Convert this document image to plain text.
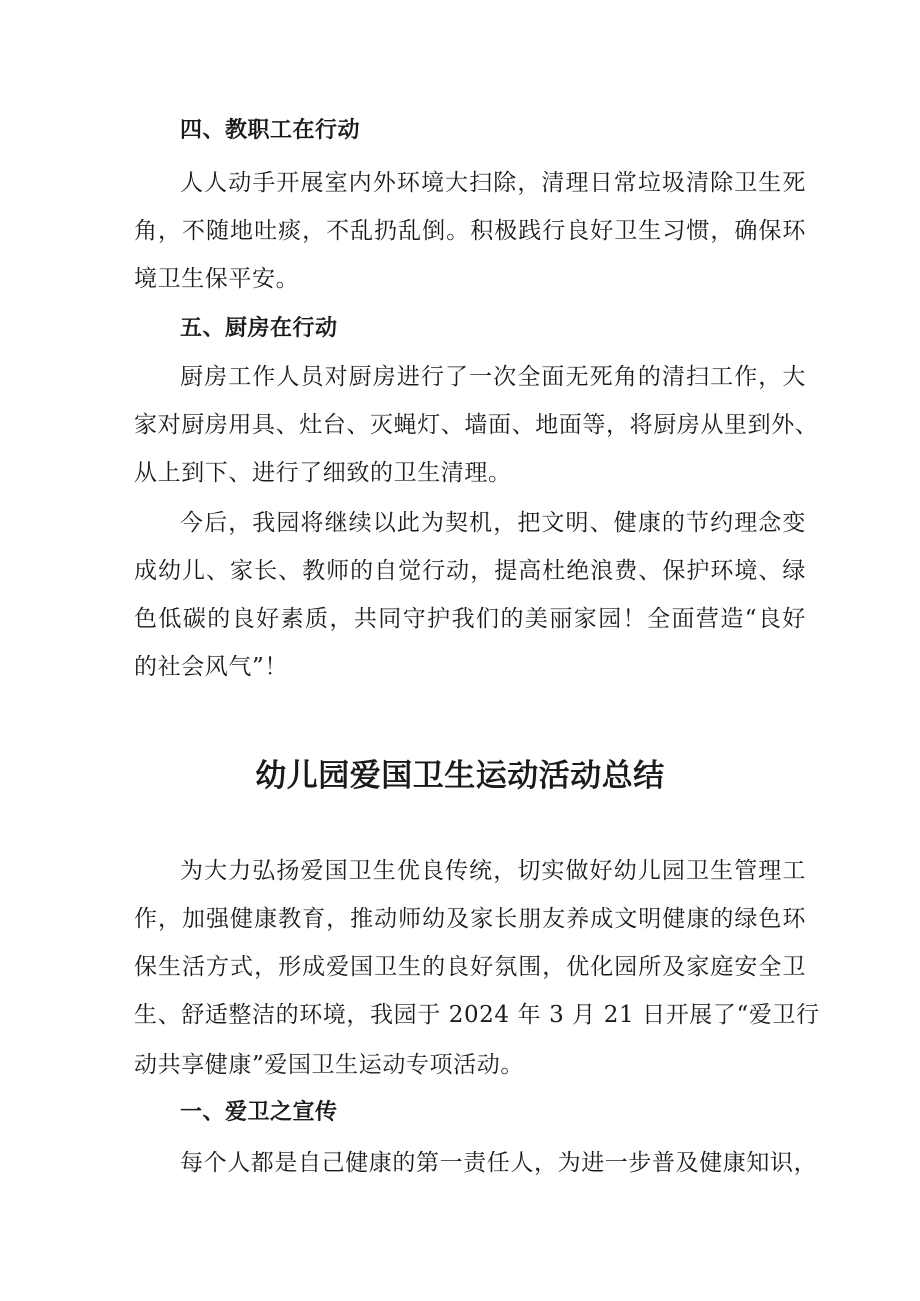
四、教职工在行动
人人动手开展室内外环境大扫除，清理日常垃圾清除卫生死
角，不随地吐痰，不乱扔乱倒。积极践行良好卫生习惯，确保环
境卫生保平安。
五、厨房在行动
厨房工作人员对厨房进行了一次全面无死角的清扫工作，大
家对厨房用具、灶台、灭蝇灯、墙面、地面等，将厨房从里到外、
从上到下、进行了细致的卫生清理。
今后，我园将继续以此为契机，把文明、健康的节约理念变
成幼儿、家长、教师的自觉行动，提高杜绝浪费、保护环境、绿
色低碳的良好素质，共同守护我们的美丽家园！全面营造“良好
的社会风气”！
幼儿园爱国卫生运动活动总结
为大力弘扬爱国卫生优良传统，切实做好幼儿园卫生管理工
作，加强健康教育，推动师幼及家长朋友养成文明健康的绿色环
保生活方式，形成爱国卫生的良好氛围，优化园所及家庭安全卫
生、舒适整洁的环境，我园于 2024 年 3 月 21 日开展了“爱卫行
动共享健康”爱国卫生运动专项活动。
一、爱卫之宣传
每个人都是自己健康的第一责任人，为进一步普及健康知识，
